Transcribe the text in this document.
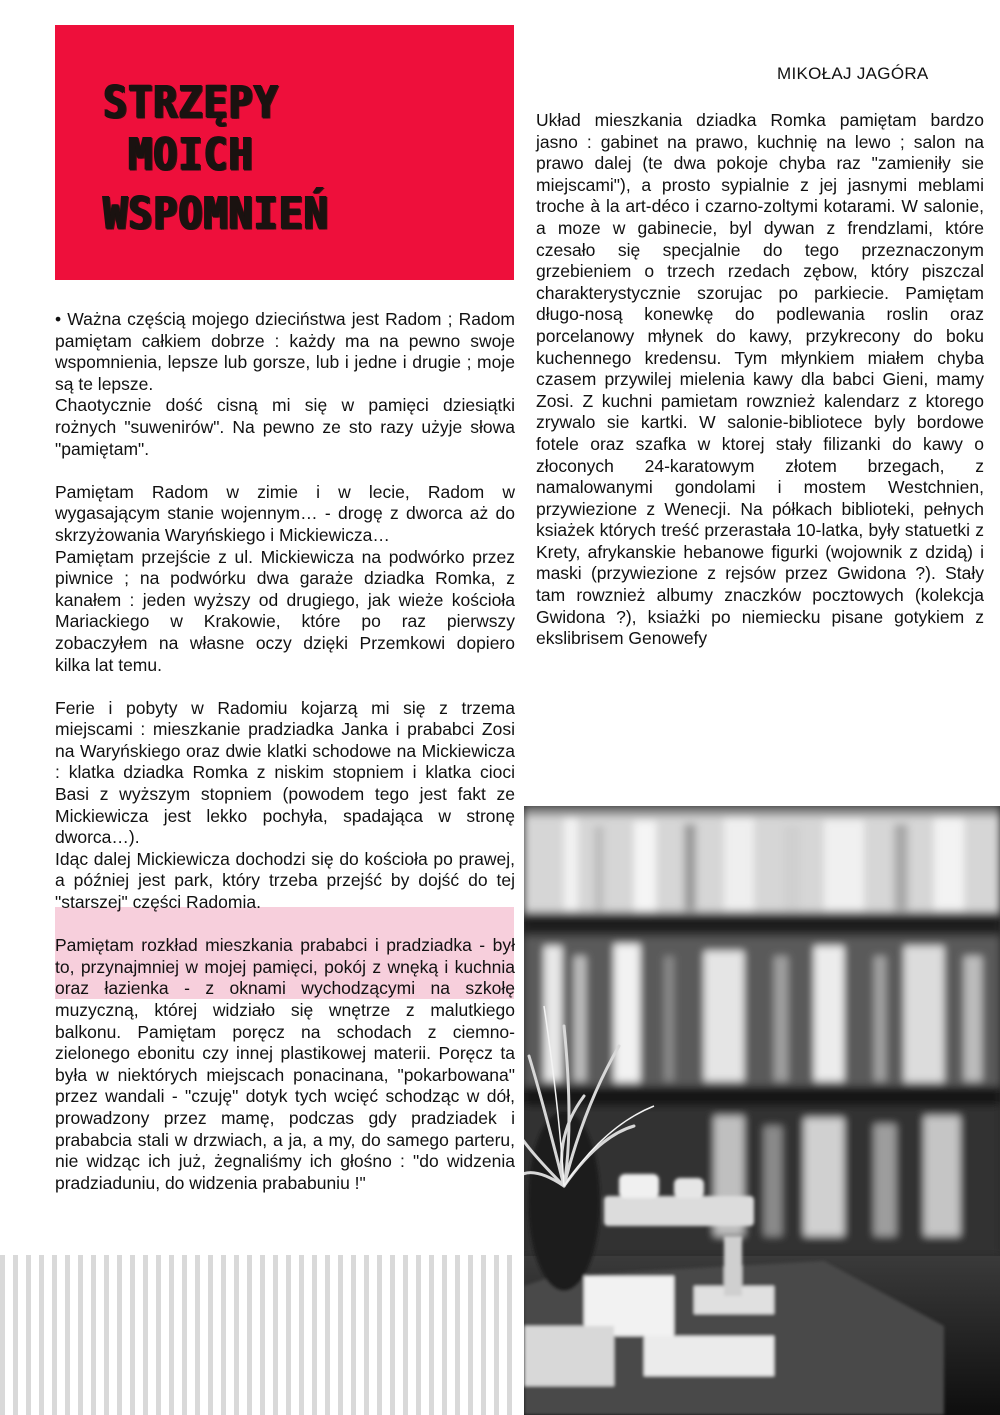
STRZĘPY
MOICH
WSPOMNIEŃ
MIKOŁAJ JAGÓRA

• Ważna częścią mojego dzieciństwa jest Radom ; Radom pamiętam całkiem dobrze : każdy ma na pewno swoje wspomnienia, lepsze lub gorsze, lub i jedne i drugie ; moje są te lepsze.

Chaotycznie dość cisną mi się w pamięci dziesiątki rożnych "suwenirów". Na pewno ze sto razy użyje słowa "pamiętam".

Pamiętam Radom w zimie i w lecie, Radom w wygasającym stanie wojennym… - drogę z dworca aż do skrzyżowania Waryńskiego i Mickiewicza…

Pamiętam przejście z ul. Mickiewicza na podwórko przez piwnice ; na podwórku dwa garaże dziadka Romka, z kanałem : jeden wyższy od drugiego, jak wieże kościoła Mariackiego w Krakowie, które po raz pierwszy zobaczyłem na własne oczy dzięki Przemkowi dopiero kilka lat temu.

Ferie i pobyty w Radomiu kojarzą mi się z trzema miejscami : mieszkanie pradziadka Janka i prababci Zosi na Waryńskiego oraz dwie klatki schodowe na Mickiewicza : klatka dziadka Romka z niskim stopniem i klatka cioci Basi z wyższym stopniem (powodem tego jest fakt ze Mickiewicza jest lekko pochyła, spadająca w stronę dworca…).

Idąc dalej Mickiewicza dochodzi się do kościoła po prawej, a później jest park, który trzeba przejść by dojść do tej "starszej" części Radomia.

Pamiętam rozkład mieszkania prababci i pradziadka - był to, przynajmniej w mojej pamięci, pokój z wnęką i kuchnia oraz łazienka - z oknami wychodzącymi na szkołę muzyczną, której widziało się wnętrze z malutkiego balkonu. Pamiętam poręcz na schodach z ciemno-zielonego ebonitu czy innej plastikowej materii. Poręcz ta była w niektórych miejscach ponacinana, "pokarbowana" przez wandali - "czuję" dotyk tych wcięć schodząc w dół, prowadzony przez mamę, podczas gdy pradziadek i prababcia stali w drzwiach, a ja, a my, do samego parteru, nie widząc ich już, żegnaliśmy ich głośno : "do widzenia pradziaduniu, do widzenia prababuniu !"

Układ mieszkania dziadka Romka pamiętam bardzo jasno : gabinet na prawo, kuchnię na lewo ; salon na prawo dalej (te dwa pokoje chyba raz "zamieniły sie miejscami"), a prosto sypialnie z jej jasnymi meblami troche à la art-déco i czarno-zoltymi kotarami. W salonie, a moze w gabinecie, byl dywan z frendzlami, które czesało się specjalnie do tego przeznaczonym grzebieniem o trzech rzedach zębow, który piszczal charakterystycznie szorujac po parkiecie. Pamiętam długo-nosą konewkę do podlewania roslin oraz porcelanowy młynek do kawy, przykrecony do boku kuchennego kredensu. Tym młynkiem miałem chyba czasem przywilej mielenia kawy dla babci Gieni, mamy Zosi. Z kuchni pamietam rowznież kalendarz z ktorego zrywalo sie kartki. W salonie-bibliotece byly bordowe fotele oraz szafka w ktorej stały filizanki do kawy o złoconych 24-karatowym złotem brzegach, z namalowanymi gondolami i mostem Westchnien, przywiezione z Wenecji. Na półkach biblioteki, pełnych ksiażek których treść przerastała 10-latka, były statuetki z Krety, afrykanskie hebanowe figurki (wojownik z dzidą) i maski (przywiezione z rejsów przez Gwidona ?). Stały tam rowznież albumy znaczków pocztowych (kolekcja Gwidona ?), ksiażki po niemiecku pisane gotykiem z ekslibrisem Genowefy
